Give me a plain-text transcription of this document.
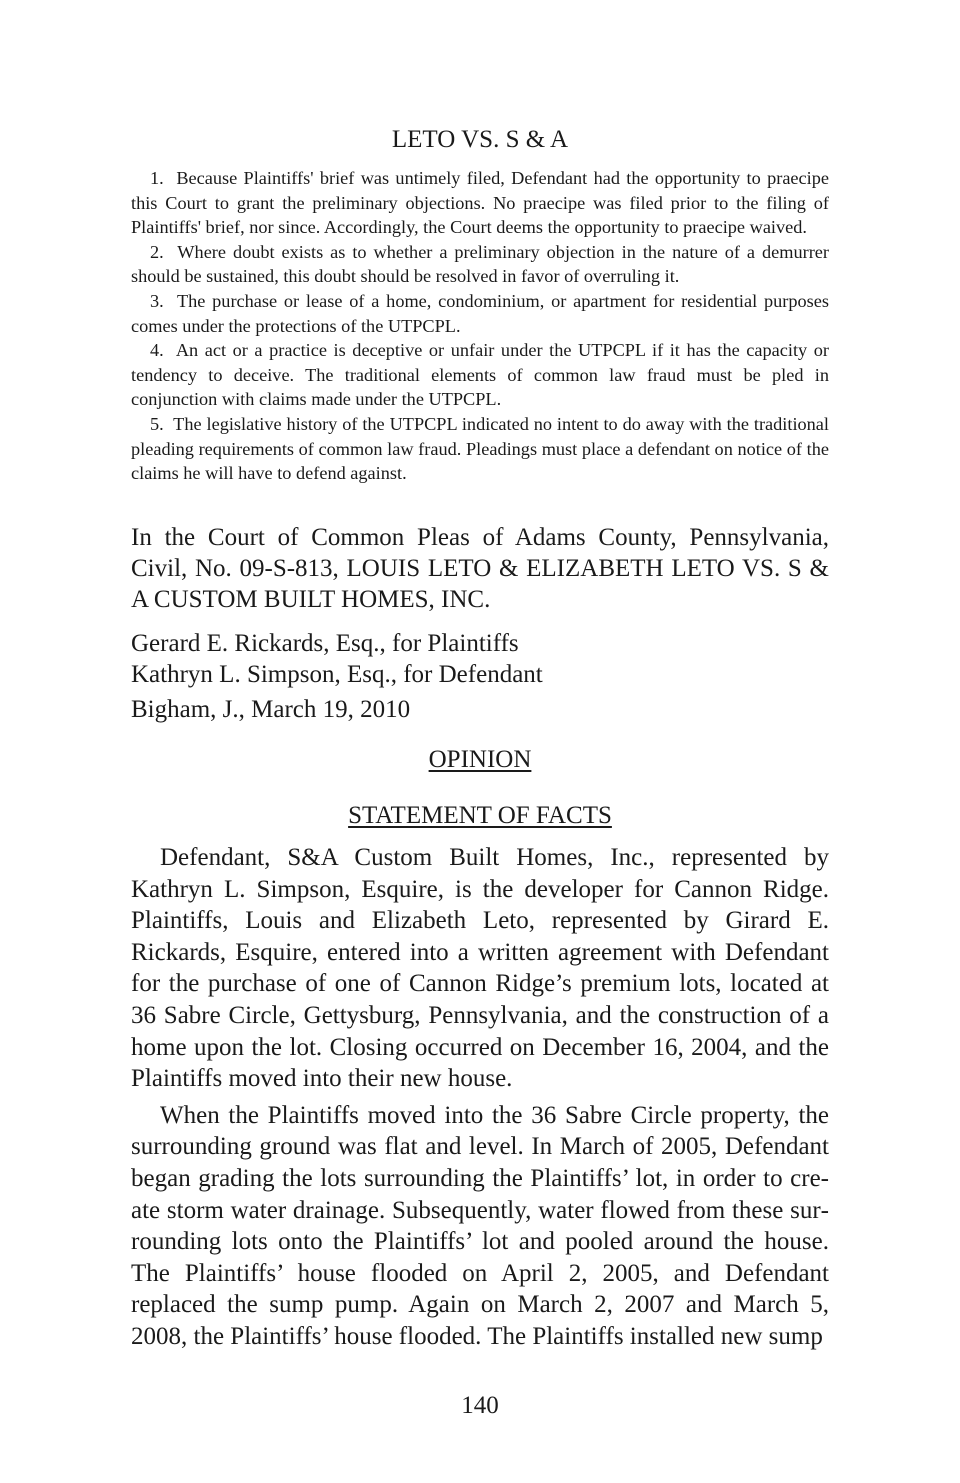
LETO VS. S & A

1.  Because Plaintiffs' brief was untimely filed, Defendant had the opportunity to praecipe this Court to grant the preliminary objections. No praecipe was filed prior to the filing of Plaintiffs' brief, nor since. Accordingly, the Court deems the opportunity to praecipe waived.

2.  Where doubt exists as to whether a preliminary objection in the nature of a demurrer should be sustained, this doubt should be resolved in favor of overruling it.

3.  The purchase or lease of a home, condominium, or apartment for residential purposes comes under the protections of the UTPCPL.

4.  An act or a practice is deceptive or unfair under the UTPCPL if it has the capacity or tendency to deceive. The traditional elements of common law fraud must be pled in conjunction with claims made under the UTPCPL.

5.  The legislative history of the UTPCPL indicated no intent to do away with the traditional pleading requirements of common law fraud. Pleadings must place a defendant on notice of the claims he will have to defend against.

In the Court of Common Pleas of Adams County, Pennsylvania, Civil, No. 09-S-813, LOUIS LETO & ELIZABETH LETO VS. S & A CUSTOM BUILT HOMES, INC.

Gerard E. Rickards, Esq., for Plaintiffs
Kathryn L. Simpson, Esq., for Defendant
Bigham, J., March 19, 2010
OPINION
STATEMENT OF FACTS

Defendant, S&A Custom Built Homes, Inc., represented by Kathryn L. Simpson, Esquire, is the developer for Cannon Ridge. Plaintiffs, Louis and Elizabeth Leto, represented by Girard E. Rickards, Esquire, entered into a written agreement with Defendant for the purchase of one of Cannon Ridge’s premium lots, located at 36 Sabre Circle, Gettysburg, Pennsylvania, and the construction of a home upon the lot. Closing occurred on December 16, 2004, and the Plaintiffs moved into their new house.

When the Plaintiffs moved into the 36 Sabre Circle property, the surrounding ground was flat and level. In March of 2005, Defendant began grading the lots surrounding the Plaintiffs’ lot, in order to create storm water drainage. Subsequently, water flowed from these surrounding lots onto the Plaintiffs’ lot and pooled around the house. The Plaintiffs’ house flooded on April 2, 2005, and Defendant replaced the sump pump. Again on March 2, 2007 and March 5, 2008, the Plaintiffs’ house flooded. The Plaintiffs installed new sump

140
